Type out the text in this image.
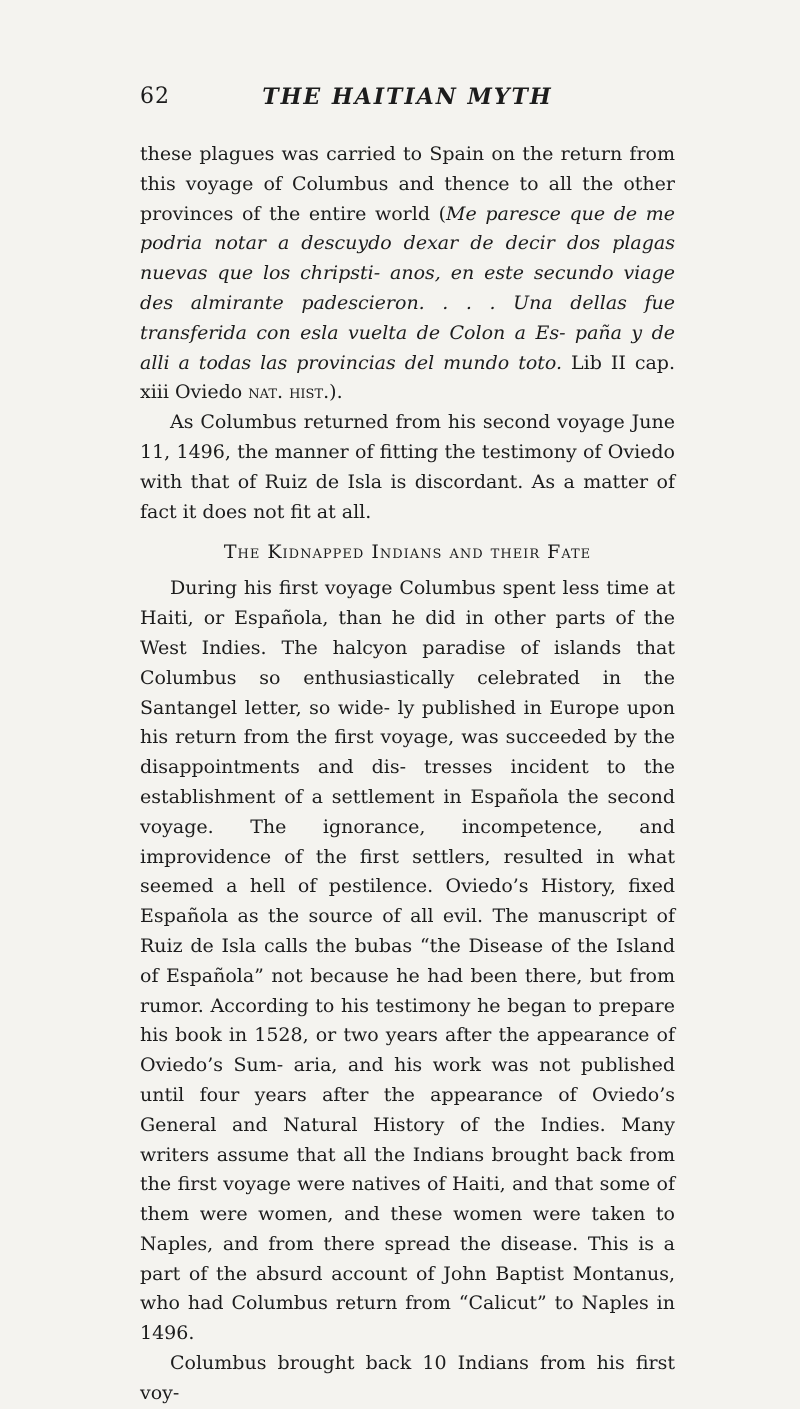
62	THE HAITIAN MYTH

these plagues was carried to Spain on the return from this voyage of Columbus and thence to all the other provinces of the entire world (Me paresce que de me podria notar a descuydo dexar de decir dos plagas nuevas que los chripsti- anos, en este secundo viage des almirante padescieron. . . . Una dellas fue transferida con esla vuelta de Colon a Es- paña y de alli a todas las provincias del mundo toto. Lib II cap. xiii Oviedo nat. hist.).

As Columbus returned from his second voyage June 11, 1496, the manner of fitting the testimony of Oviedo with that of Ruiz de Isla is discordant. As a matter of fact it does not fit at all.

The Kidnapped Indians and their Fate

During his first voyage Columbus spent less time at Haiti, or Española, than he did in other parts of the West Indies. The halcyon paradise of islands that Columbus so enthusiastically celebrated in the Santangel letter, so wide- ly published in Europe upon his return from the first voyage, was succeeded by the disappointments and dis- tresses incident to the establishment of a settlement in Española the second voyage. The ignorance, incompetence, and improvidence of the first settlers, resulted in what seemed a hell of pestilence. Oviedo’s History, fixed Española as the source of all evil. The manuscript of Ruiz de Isla calls the bubas “the Disease of the Island of Española” not because he had been there, but from rumor. According to his testimony he began to prepare his book in 1528, or two years after the appearance of Oviedo’s Sum- aria, and his work was not published until four years after the appearance of Oviedo’s General and Natural History of the Indies. Many writers assume that all the Indians brought back from the first voyage were natives of Haiti, and that some of them were women, and these women were taken to Naples, and from there spread the disease. This is a part of the absurd account of John Baptist Montanus, who had Columbus return from “Calicut” to Naples in 1496.

Columbus brought back 10 Indians from his first voy-
